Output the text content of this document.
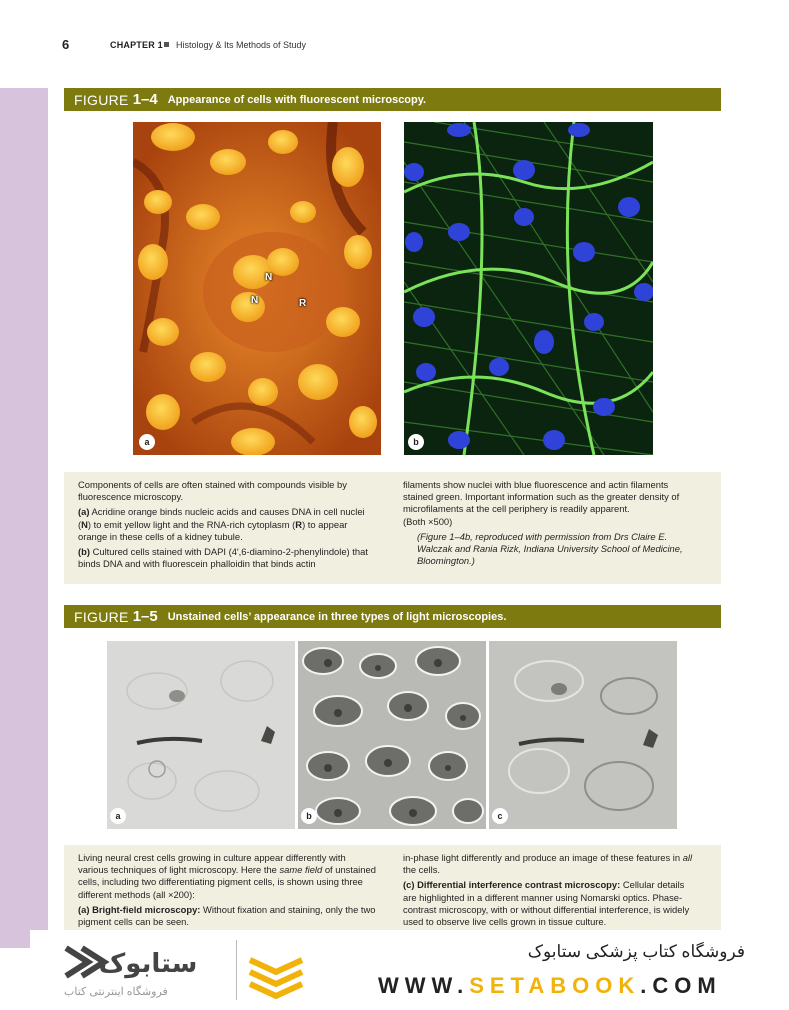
6	CHAPTER 1 Histology & Its Methods of Study
FIGURE 1–4 Appearance of cells with fluorescent microscopy.
N
N	R
a	b

Components of cells are often stained with compounds visible by fluorescence microscopy.

(a) Acridine orange binds nucleic acids and causes DNA in cell nuclei (N) to emit yellow light and the RNA-rich cytoplasm (R) to appear orange in these cells of a kidney tubule.

(b) Cultured cells stained with DAPI (4′,6-diamino-2-phenylindole) that binds DNA and with fluorescein phalloidin that binds actin

filaments show nuclei with blue fluorescence and actin filaments stained green. Important information such as the greater density of microfilaments at the cell periphery is readily apparent.

(Both ×500)

(Figure 1–4b, reproduced with permission from Drs Claire E. Walczak and Rania Rizk, Indiana University School of Medicine, Bloomington.)

FIGURE 1–5 Unstained cells’ appearance in three types of light microscopies.
a	b	c

Living neural crest cells growing in culture appear differently with various techniques of light microscopy. Here the same field of unstained cells, including two differentiating pigment cells, is shown using three different methods (all ×200):

(a) Bright-field microscopy: Without fixation and staining, only the two pigment cells can be seen.

in-phase light differently and produce an image of these features in all the cells.

(c) Differential interference contrast microscopy: Cellular details are highlighted in a different manner using Nomarski optics. Phase-contrast microscopy, with or without differential interference, is widely used to observe live cells grown in tissue culture.

ستابوک
فروشگاه اینترنتی کتاب
فروشگاه کتاب پزشکی ستابوک
WWW.SETABOOK.COM
